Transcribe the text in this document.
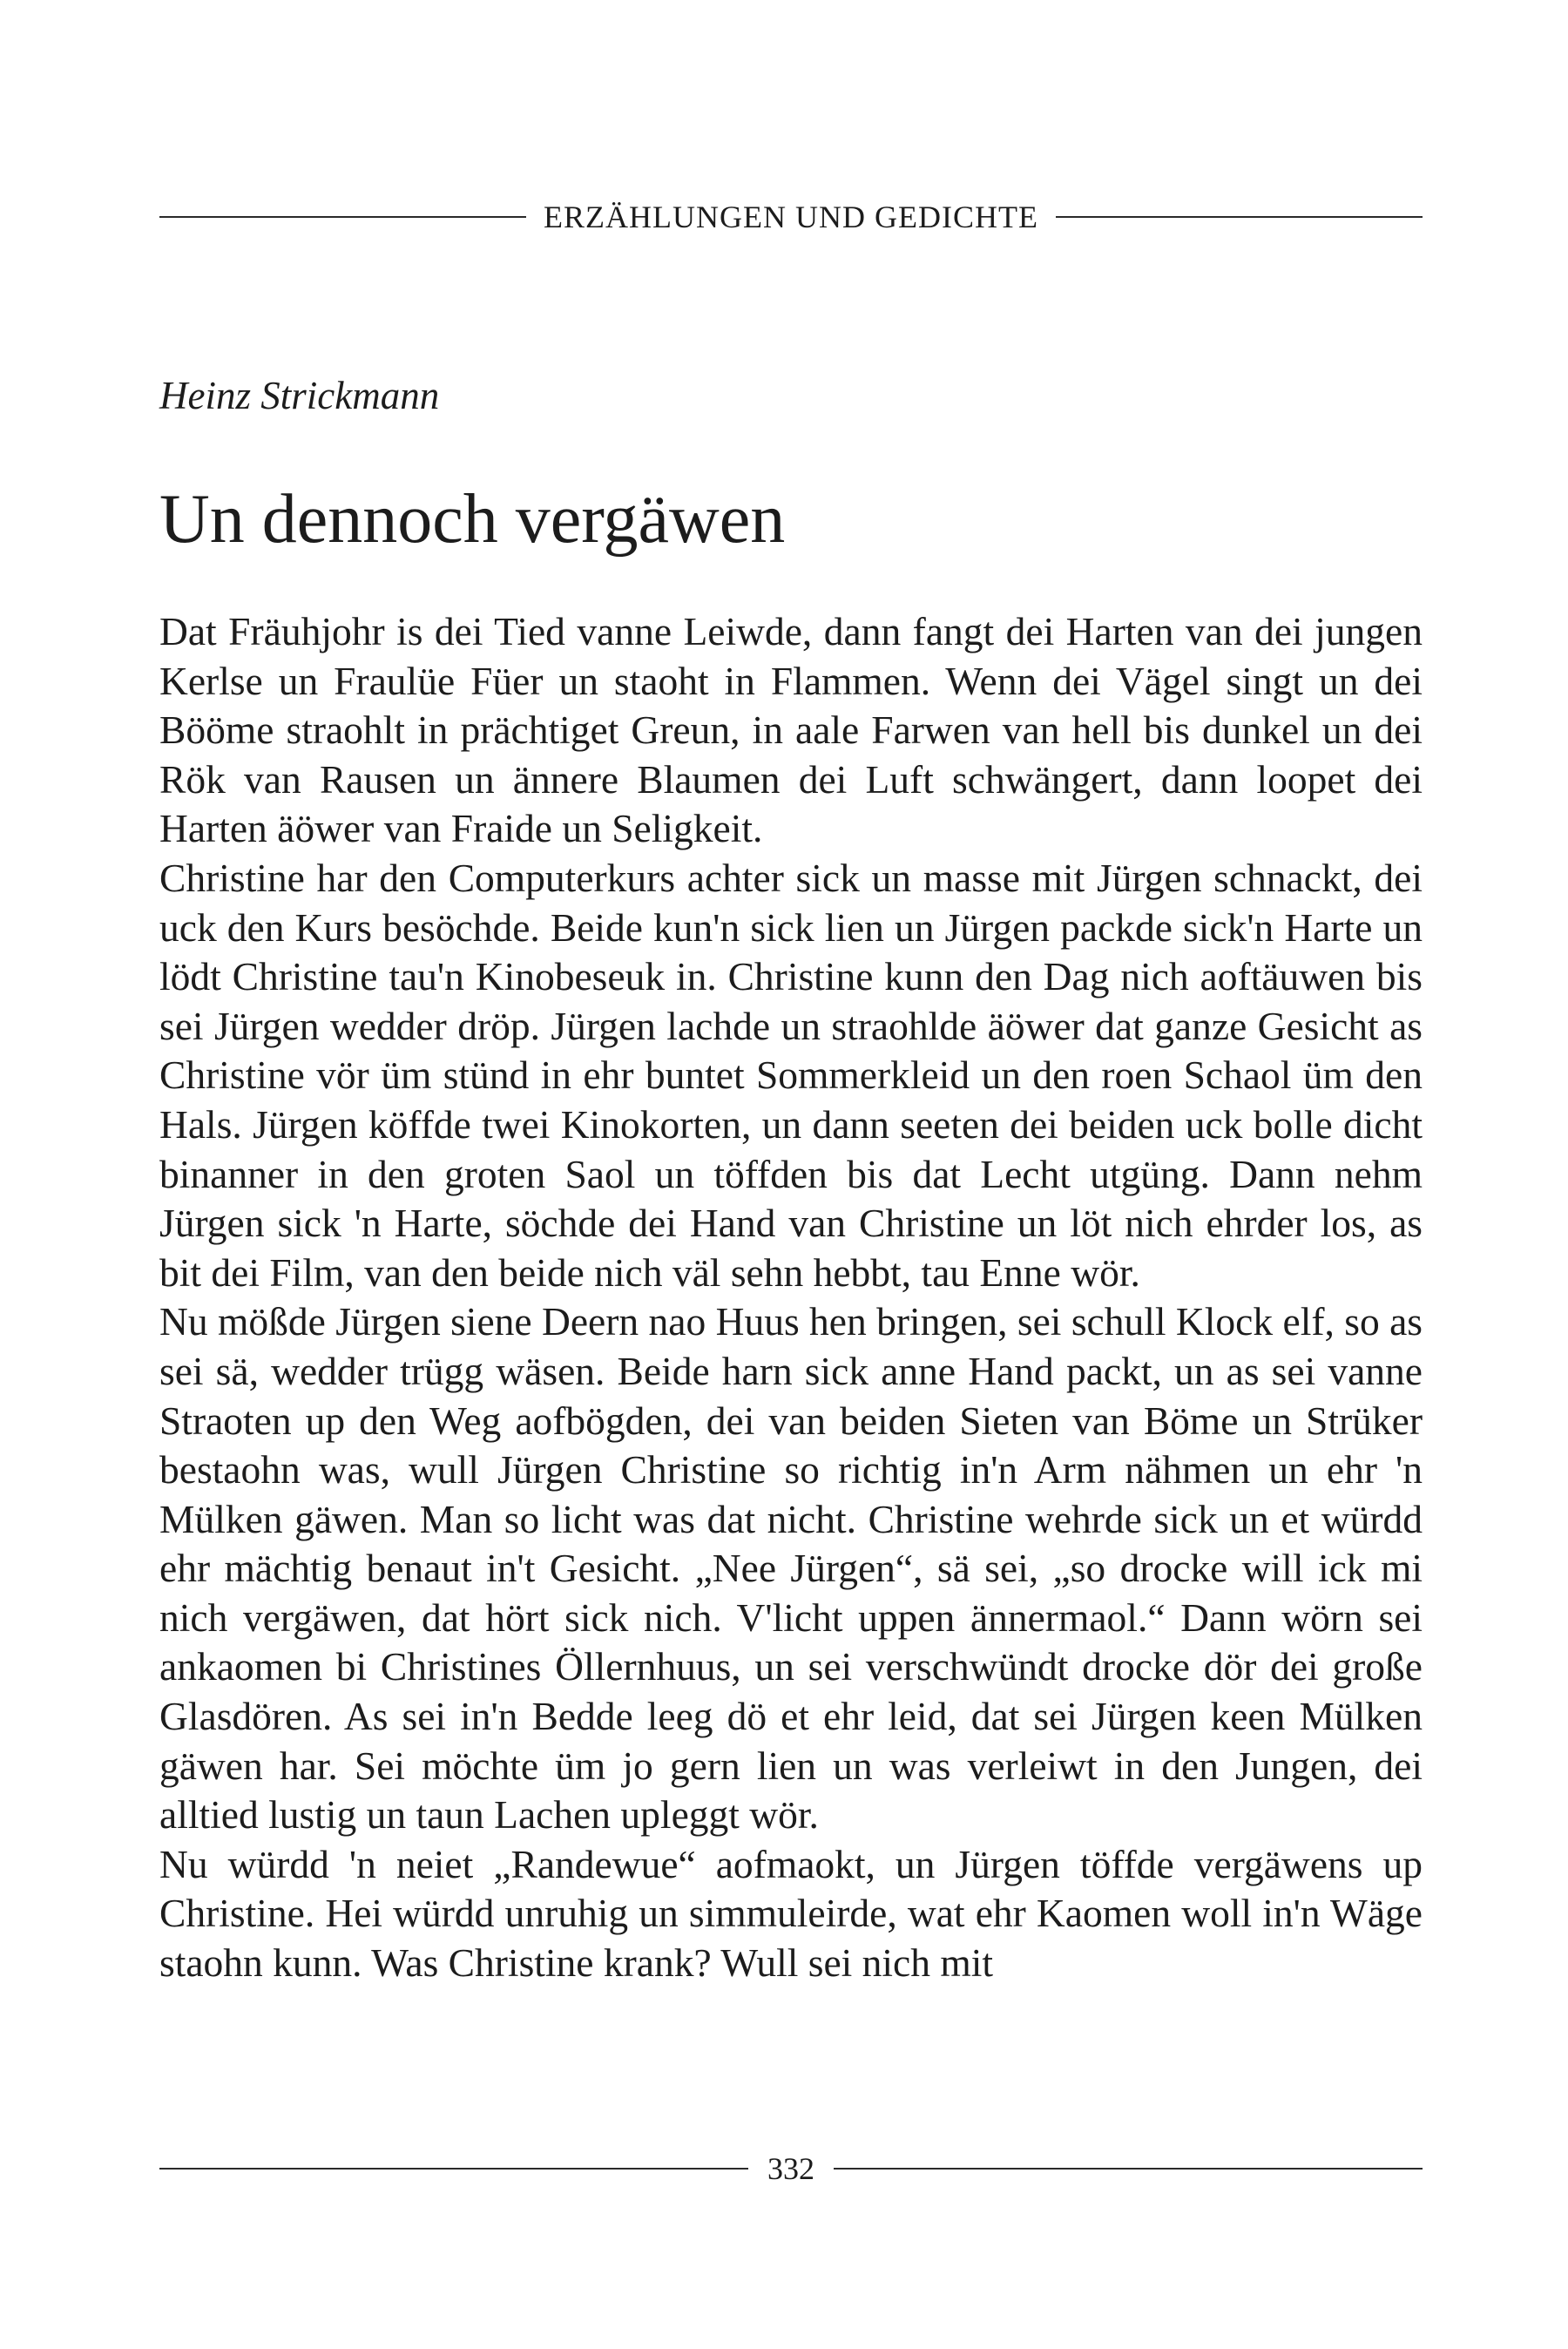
ERZÄHLUNGEN UND GEDICHTE
Heinz Strickmann
Un dennoch vergäwen

Dat Fräuhjohr is dei Tied vanne Leiwde, dann fangt dei Harten van dei jungen Kerlse un Fraulüe Füer un staoht in Flammen. Wenn dei Vägel singt un dei Bööme straohlt in prächtiget Greun, in aale Farwen van hell bis dunkel un dei Rök van Rausen un ännere Blaumen dei Luft schwängert, dann loopet dei Harten äöwer van Fraide un Seligkeit.

Christine har den Computerkurs achter sick un masse mit Jürgen schnackt, dei uck den Kurs besöchde. Beide kun'n sick lien un Jürgen packde sick'n Harte un lödt Christine tau'n Kinobeseuk in. Christine kunn den Dag nich aoftäuwen bis sei Jürgen wedder dröp. Jürgen lachde un straohlde äöwer dat ganze Gesicht as Christine vör üm stünd in ehr buntet Sommerkleid un den roen Schaol üm den Hals. Jürgen köffde twei Kinokorten, un dann seeten dei beiden uck bolle dicht binanner in den groten Saol un töffden bis dat Lecht utgüng. Dann nehm Jürgen sick 'n Harte, söchde dei Hand van Christine un löt nich ehrder los, as bit dei Film, van den beide nich väl sehn hebbt, tau Enne wör.

Nu mößde Jürgen siene Deern nao Huus hen bringen, sei schull Klock elf, so as sei sä, wedder trügg wäsen. Beide harn sick anne Hand packt, un as sei vanne Straoten up den Weg aofbögden, dei van beiden Sieten van Böme un Strüker bestaohn was, wull Jürgen Christine so richtig in'n Arm nähmen un ehr 'n Mülken gäwen. Man so licht was dat nicht. Christine wehrde sick un et würdd ehr mächtig benaut in't Gesicht. „Nee Jürgen“, sä sei, „so drocke will ick mi nich vergäwen, dat hört sick nich. V'licht uppen ännermaol.“ Dann wörn sei ankaomen bi Christines Öllernhuus, un sei verschwündt drocke dör dei große Glasdören. As sei in'n Bedde leeg dö et ehr leid, dat sei Jürgen keen Mülken gäwen har. Sei möchte üm jo gern lien un was verleiwt in den Jungen, dei alltied lustig un taun Lachen upleggt wör.

Nu würdd 'n neiet „Randewue“ aofmaokt, un Jürgen töffde vergäwens up Christine. Hei würdd unruhig un simmuleirde, wat ehr Kaomen woll in'n Wäge staohn kunn. Was Christine krank? Wull sei nich mit

332
